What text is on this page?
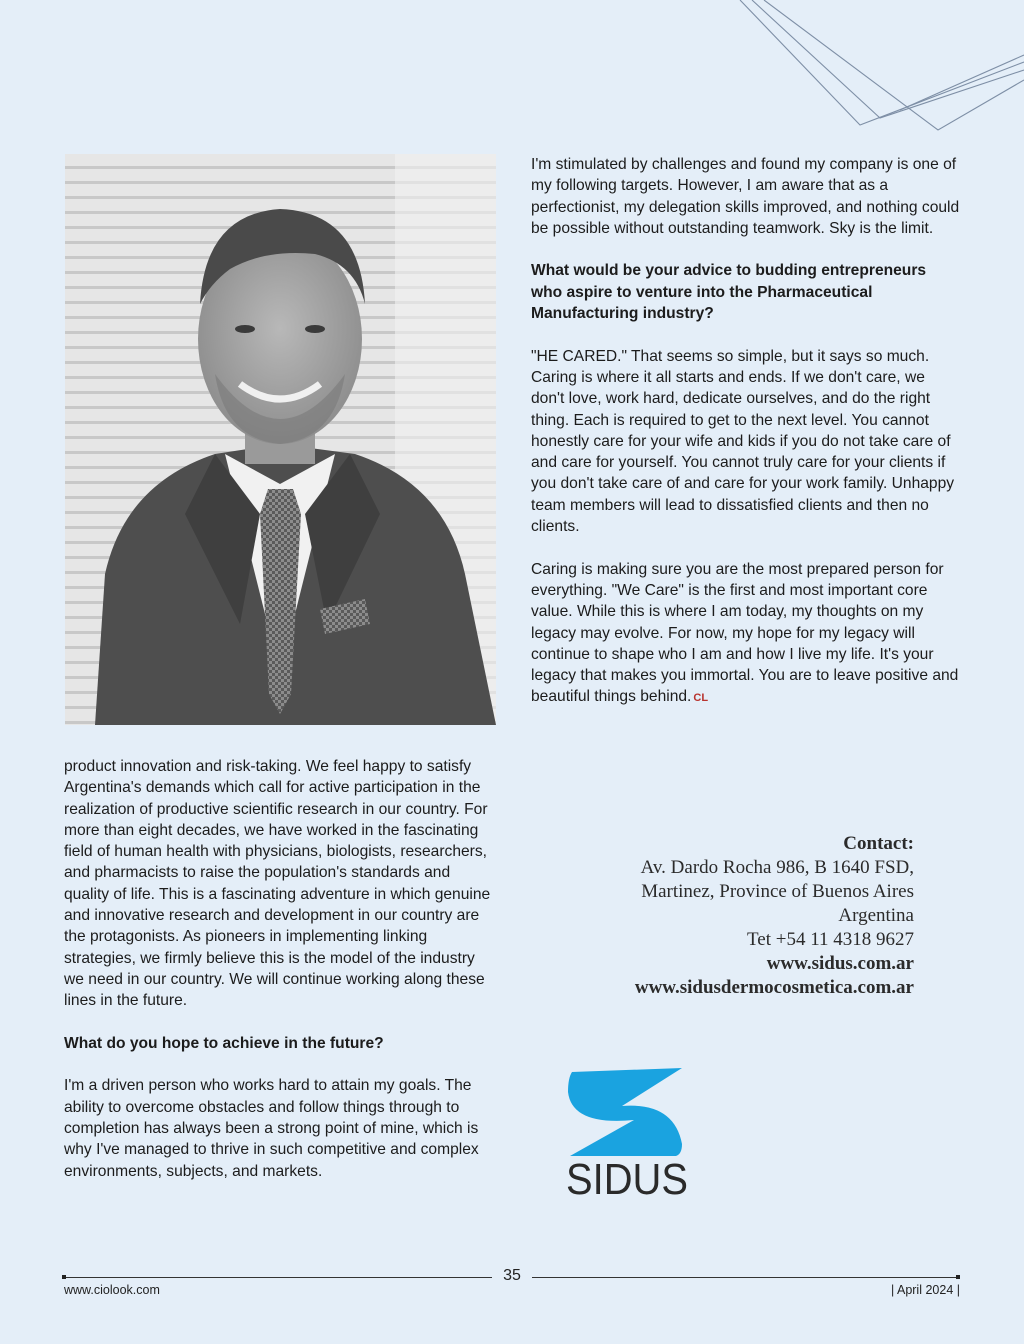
product innovation and risk-taking. We feel happy to satisfy Argentina's demands which call for active participation in the realization of productive scientific research in our country. For more than eight decades, we have worked in the fascinating field of human health with physicians, biologists, researchers, and pharmacists to raise the population's standards and quality of life. This is a fascinating adventure in which genuine and innovative research and development in our country are the protagonists. As pioneers in implementing linking strategies, we firmly believe this is the model of the industry we need in our country. We will continue working along these lines in the future.

What do you hope to achieve in the future?

I'm a driven person who works hard to attain my goals. The ability to overcome obstacles and follow things through to completion has always been a strong point of mine, which is why I've managed to thrive in such competitive and complex environments, subjects, and markets.

I'm stimulated by challenges and found my company is one of my following targets. However, I am aware that as a perfectionist, my delegation skills improved, and nothing could be possible without outstanding teamwork. Sky is the limit.

What would be your advice to budding entrepreneurs who aspire to venture into the Pharmaceutical Manufacturing industry?

"HE CARED." That seems so simple, but it says so much. Caring is where it all starts and ends. If we don't care, we don't love, work hard, dedicate ourselves, and do the right thing. Each is required to get to the next level. You cannot honestly care for your wife and kids if you do not take care of and care for yourself. You cannot truly care for your clients if you don't take care of and care for your work family. Unhappy team members will lead to dissatisfied clients and then no clients.

Caring is making sure you are the most prepared person for everything. "We Care" is the first and most important core value. While this is where I am today, my thoughts on my legacy may evolve. For now, my hope for my legacy will continue to shape who I am and how I live my life. It's your legacy that makes you immortal. You are to leave positive and beautiful things behind. CL

Contact:
Av. Dardo Rocha 986, B 1640 FSD,
Martinez, Province of Buenos Aires
Argentina
Tet +54 11 4318 9627
www.sidus.com.ar
www.sidusdermocosmetica.com.ar
SIDUS
35
www.ciolook.com	| April 2024 |
